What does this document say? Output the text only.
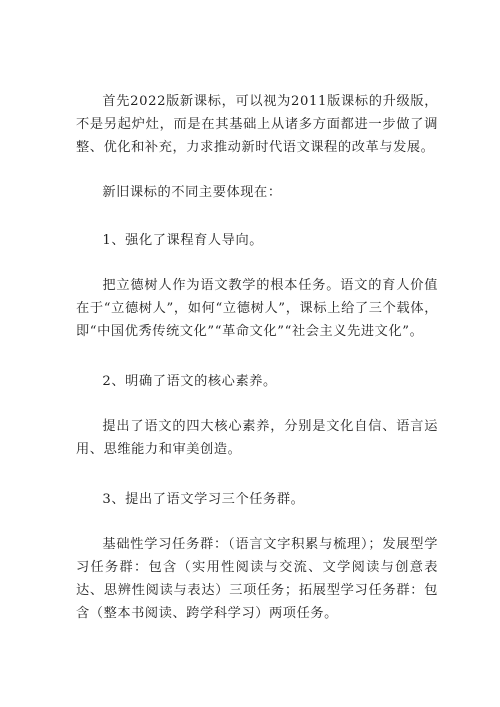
首先2022版新课标，可以视为2011版课标的升级版，不是另起炉灶，而是在其基础上从诸多方面都进一步做了调整、优化和补充，力求推动新时代语文课程的改革与发展。

新旧课标的不同主要体现在：

1、强化了课程育人导向。

把立德树人作为语文教学的根本任务。语文的育人价值在于“立德树人”，如何“立德树人”，课标上给了三个载体，即“中国优秀传统文化”“革命文化”“社会主义先进文化”。

2、明确了语文的核心素养。

提出了语文的四大核心素养，分别是文化自信、语言运用、思维能力和审美创造。

3、提出了语文学习三个任务群。

基础性学习任务群：（语言文字积累与梳理）；发展型学习任务群：包含（实用性阅读与交流、文学阅读与创意表达、思辨性阅读与表达）三项任务；拓展型学习任务群：包含（整本书阅读、跨学科学习）两项任务。
